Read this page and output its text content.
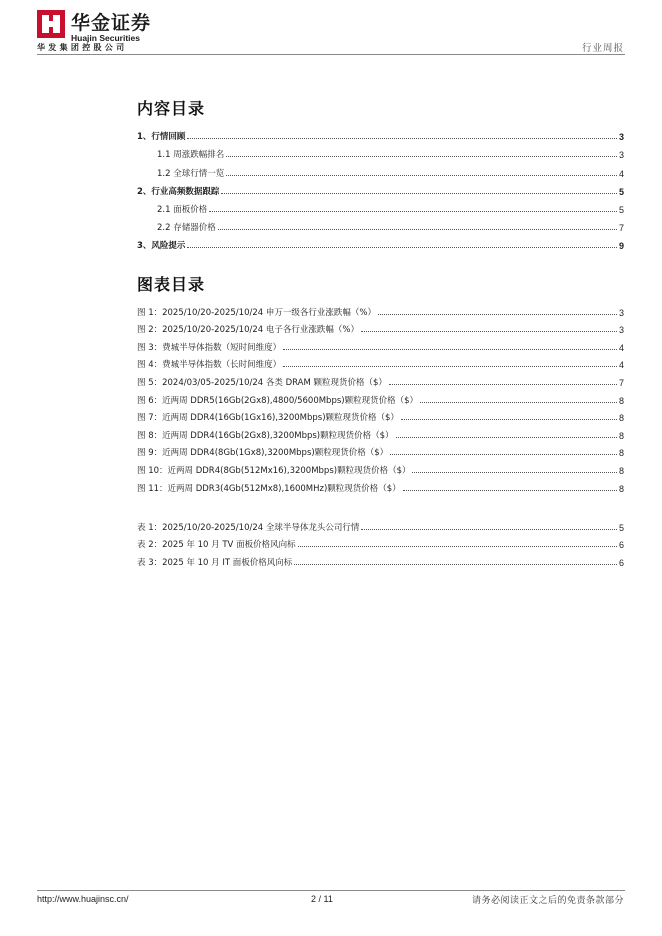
华金证券
Huajin Securities
华发集团控股公司	行业周报
内容目录
1、行情回顾	3
1.1 周涨跌幅排名	3
1.2 全球行情一览	4
2、行业高频数据跟踪	5
2.1 面板价格	5
2.2 存储器价格	7
3、风险提示	9
图表目录
图 1：2025/10/20-2025/10/24 申万一级各行业涨跌幅（%）	3
图 2：2025/10/20-2025/10/24 电子各行业涨跌幅（%）	3
图 3：费城半导体指数（短时间维度）	4
图 4：费城半导体指数（长时间维度）	4
图 5：2024/03/05-2025/10/24 各类 DRAM 颗粒现货价格（$）	7
图 6：近两周 DDR5(16Gb(2Gx8),4800/5600Mbps)颗粒现货价格（$）	8
图 7：近两周 DDR4(16Gb(1Gx16),3200Mbps)颗粒现货价格（$）	8
图 8：近两周 DDR4(16Gb(2Gx8),3200Mbps)颗粒现货价格（$）	8
图 9：近两周 DDR4(8Gb(1Gx8),3200Mbps)颗粒现货价格（$）	8
图 10：近两周 DDR4(8Gb(512Mx16),3200Mbps)颗粒现货价格（$）	8
图 11：近两周 DDR3(4Gb(512Mx8),1600MHz)颗粒现货价格（$）	8
表 1：2025/10/20-2025/10/24 全球半导体龙头公司行情	5
表 2：2025 年 10 月 TV 面板价格风向标	6
表 3：2025 年 10 月 IT 面板价格风向标	6
http://www.huajinsc.cn/	2 / 11	请务必阅读正文之后的免责条款部分
